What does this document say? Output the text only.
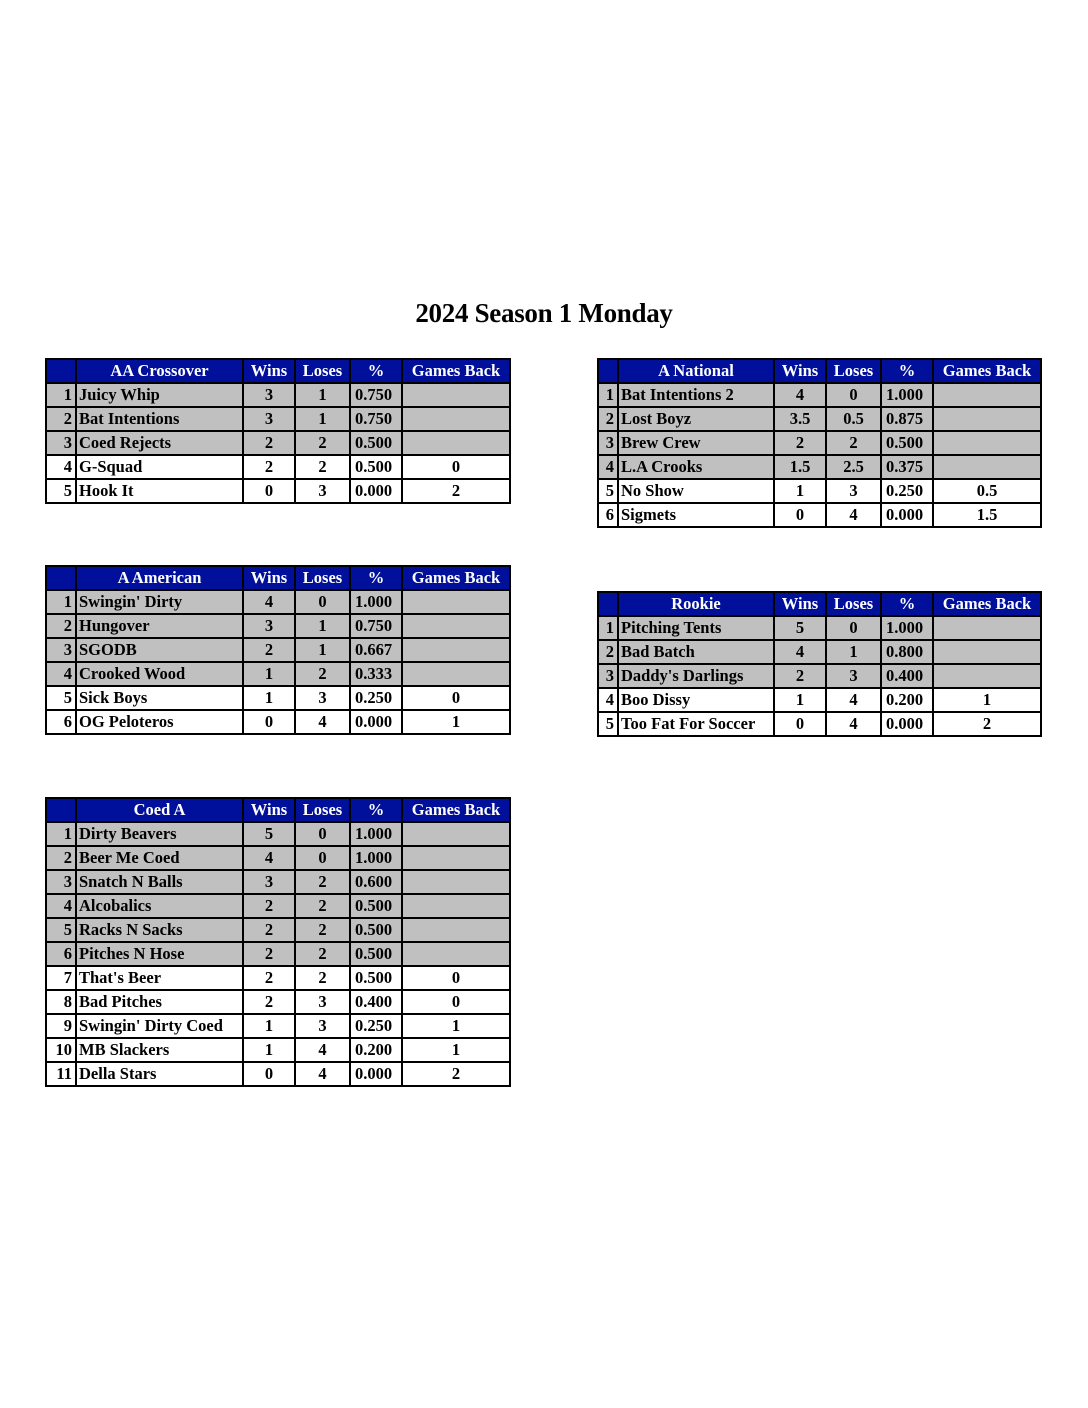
2024 Season 1 Monday
	AA Crossover	Wins	Loses	%	Games Back
1	Juicy Whip	3	1	0.750	
2	Bat Intentions	3	1	0.750	
3	Coed Rejects	2	2	0.500	
4	G-Squad	2	2	0.500	0
5	Hook It	0	3	0.000	2
	A National	Wins	Loses	%	Games Back
1	Bat Intentions 2	4	0	1.000	
2	Lost Boyz	3.5	0.5	0.875	
3	Brew Crew	2	2	0.500	
4	L.A Crooks	1.5	2.5	0.375	
5	No Show	1	3	0.250	0.5
6	Sigmets	0	4	0.000	1.5
	A American	Wins	Loses	%	Games Back
1	Swingin' Dirty	4	0	1.000	
2	Hungover	3	1	0.750	
3	SGODB	2	1	0.667	
4	Crooked Wood	1	2	0.333	
5	Sick Boys	1	3	0.250	0
6	OG Peloteros	0	4	0.000	1
	Rookie	Wins	Loses	%	Games Back
1	Pitching Tents	5	0	1.000	
2	Bad Batch	4	1	0.800	
3	Daddy's Darlings	2	3	0.400	
4	Boo Dissy	1	4	0.200	1
5	Too Fat For Soccer	0	4	0.000	2
	Coed A	Wins	Loses	%	Games Back
1	Dirty Beavers	5	0	1.000	
2	Beer Me Coed	4	0	1.000	
3	Snatch N Balls	3	2	0.600	
4	Alcobalics	2	2	0.500	
5	Racks N Sacks	2	2	0.500	
6	Pitches N Hose	2	2	0.500	
7	That's Beer	2	2	0.500	0
8	Bad Pitches	2	3	0.400	0
9	Swingin' Dirty Coed	1	3	0.250	1
10	MB Slackers	1	4	0.200	1
11	Della Stars	0	4	0.000	2
